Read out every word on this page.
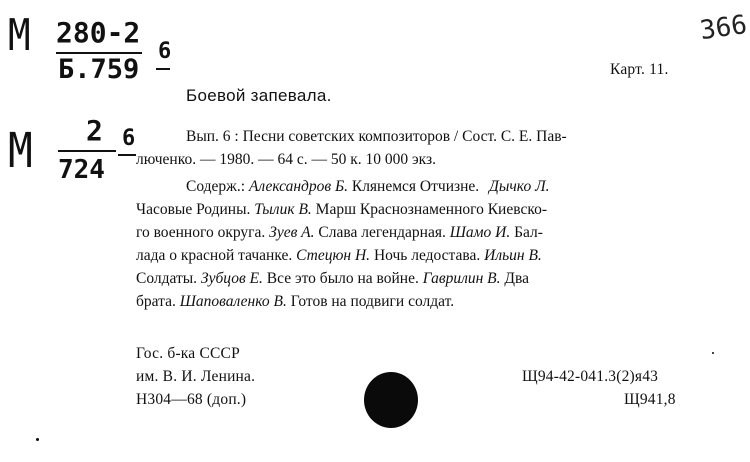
М 280-2
Б.759
6
366
М 2
724
6
Карт. 11.
Боевой запевала.
Вып. 6 : Песни советских композиторов / Сост. С. Е. Пав-
люченко. — 1980. — 64 с. — 50 к. 10 000 экз.
Содерж.: Александров Б. Клянемся Отчизне. Дычко Л.
Часовые Родины. Тылик В. Марш Краснознаменного Киевско-
го военного округа. Зуев А. Слава легендарная. Шамо И. Бал-
лада о красной тачанке. Стецюн Н. Ночь ледостава. Ильин В.
Солдаты. Зубцов Е. Все это было на войне. Гаврилин В. Два
брата. Шаповаленко В. Готов на подвиги солдат.
Гос. б-ка СССР
им. В. И. Ленина.
Н304—68 (доп.)
Щ94-42-041.3(2)я43
Щ941,8
